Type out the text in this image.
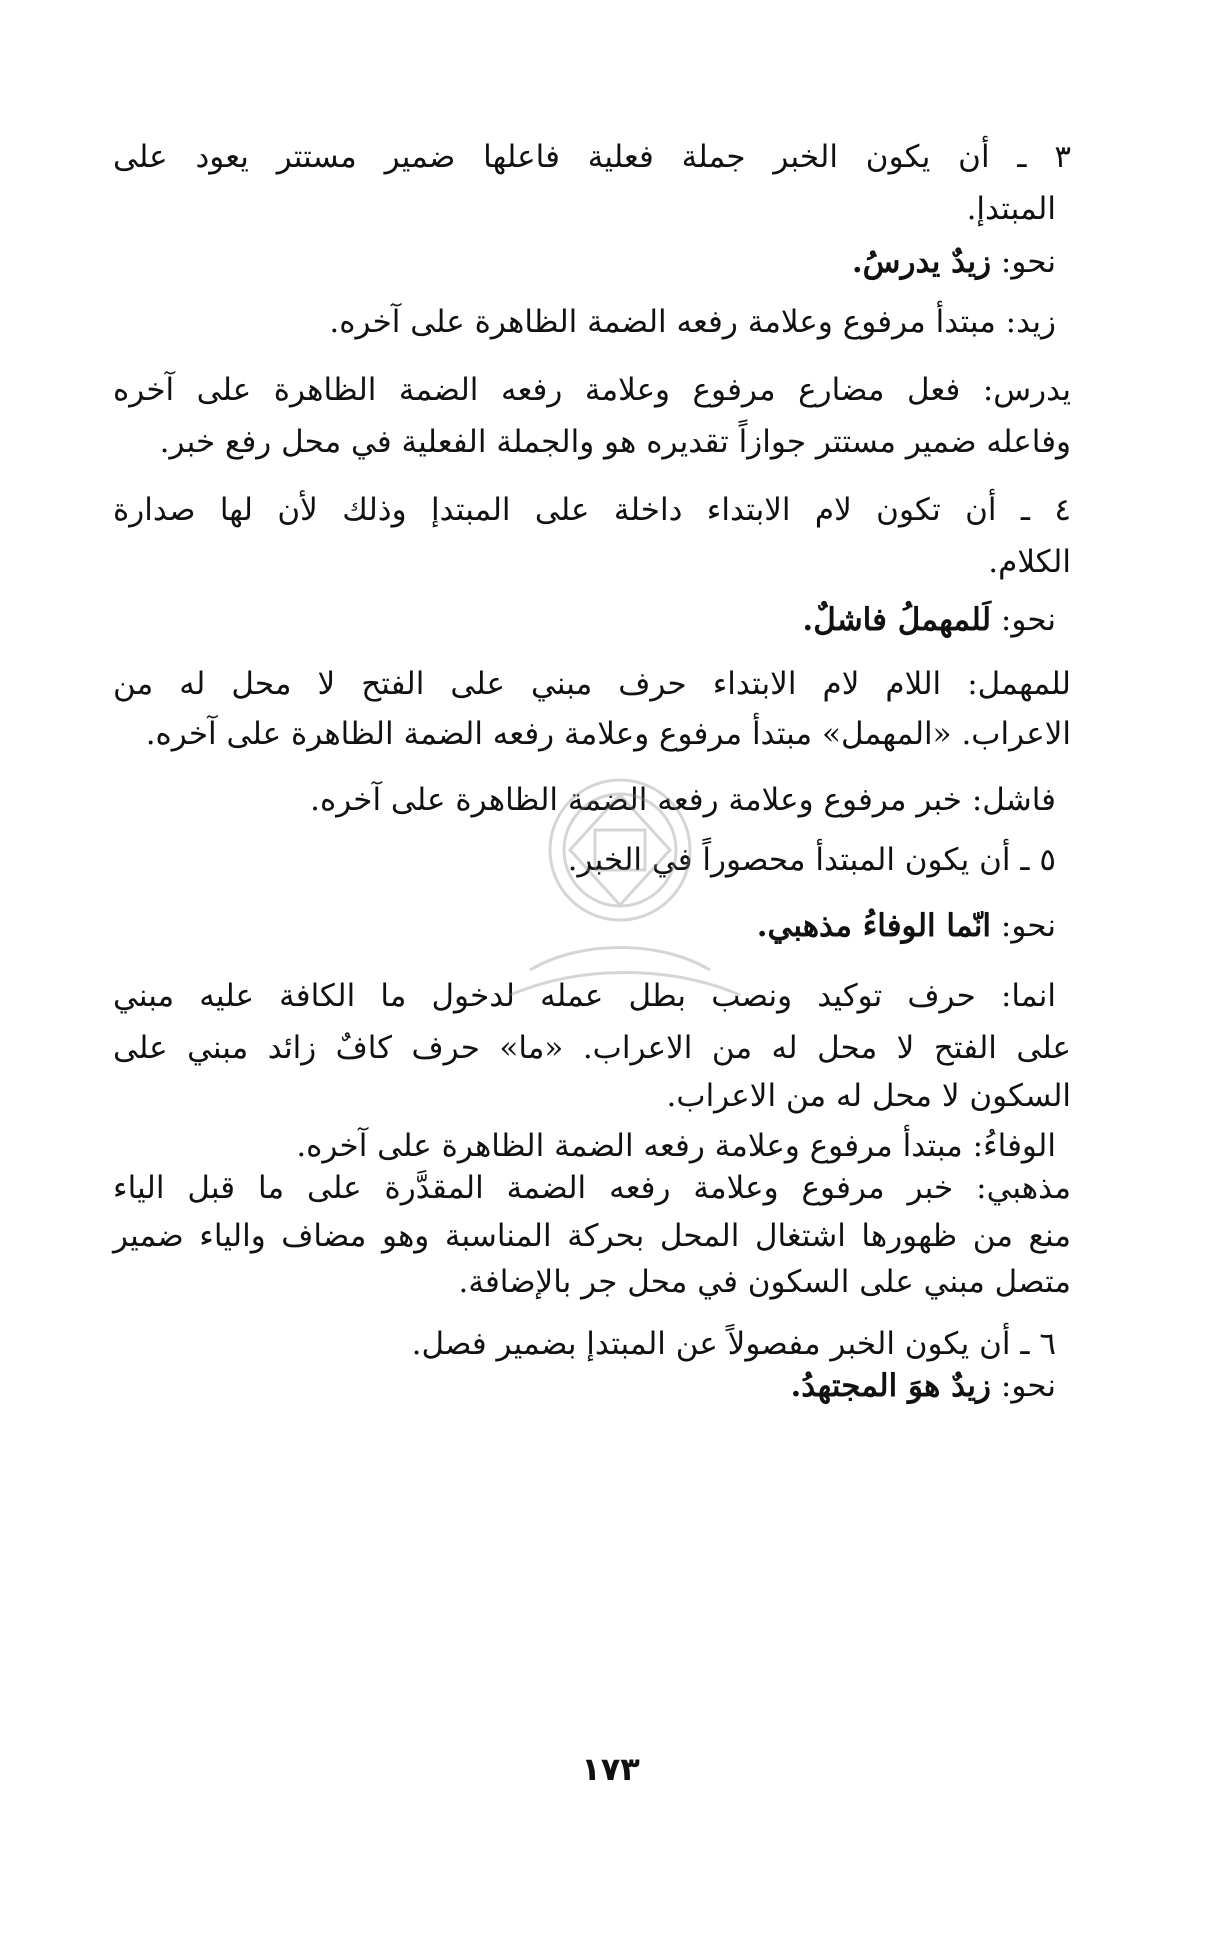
٣ ـ أن يكون الخبر جملة فعلية فاعلها ضمير مستتر يعود على
المبتدإ.
نحو: زيدٌ يدرسُ.
زيد: مبتدأ مرفوع وعلامة رفعه الضمة الظاهرة على آخره.
يدرس: فعل مضارع مرفوع وعلامة رفعه الضمة الظاهرة على آخره
وفاعله ضمير مستتر جوازاً تقديره هو والجملة الفعلية في محل رفع خبر.
٤ ـ أن تكون لام الابتداء داخلة على المبتدإ وذلك لأن لها صدارة
الكلام.
نحو: لَلمهملُ فاشلٌ.
للمهمل: اللام لام الابتداء حرف مبني على الفتح لا محل له من
الاعراب. «المهمل» مبتدأ مرفوع وعلامة رفعه الضمة الظاهرة على آخره.
فاشل: خبر مرفوع وعلامة رفعه الضمة الظاهرة على آخره.
٥ ـ أن يكون المبتدأ محصوراً في الخبر.
نحو: انّما الوفاءُ مذهبي.
انما: حرف توكيد ونصب بطل عمله لدخول ما الكافة عليه مبني
على الفتح لا محل له من الاعراب. «ما» حرف كافٌ زائد مبني على
السكون لا محل له من الاعراب.
الوفاءُ: مبتدأ مرفوع وعلامة رفعه الضمة الظاهرة على آخره.
مذهبي: خبر مرفوع وعلامة رفعه الضمة المقدَّرة على ما قبل الياء
منع من ظهورها اشتغال المحل بحركة المناسبة وهو مضاف والياء ضمير
متصل مبني على السكون في محل جر بالإضافة.
٦ ـ أن يكون الخبر مفصولاً عن المبتدإ بضمير فصل.
نحو: زيدٌ هوَ المجتهدُ.
١٧٣
